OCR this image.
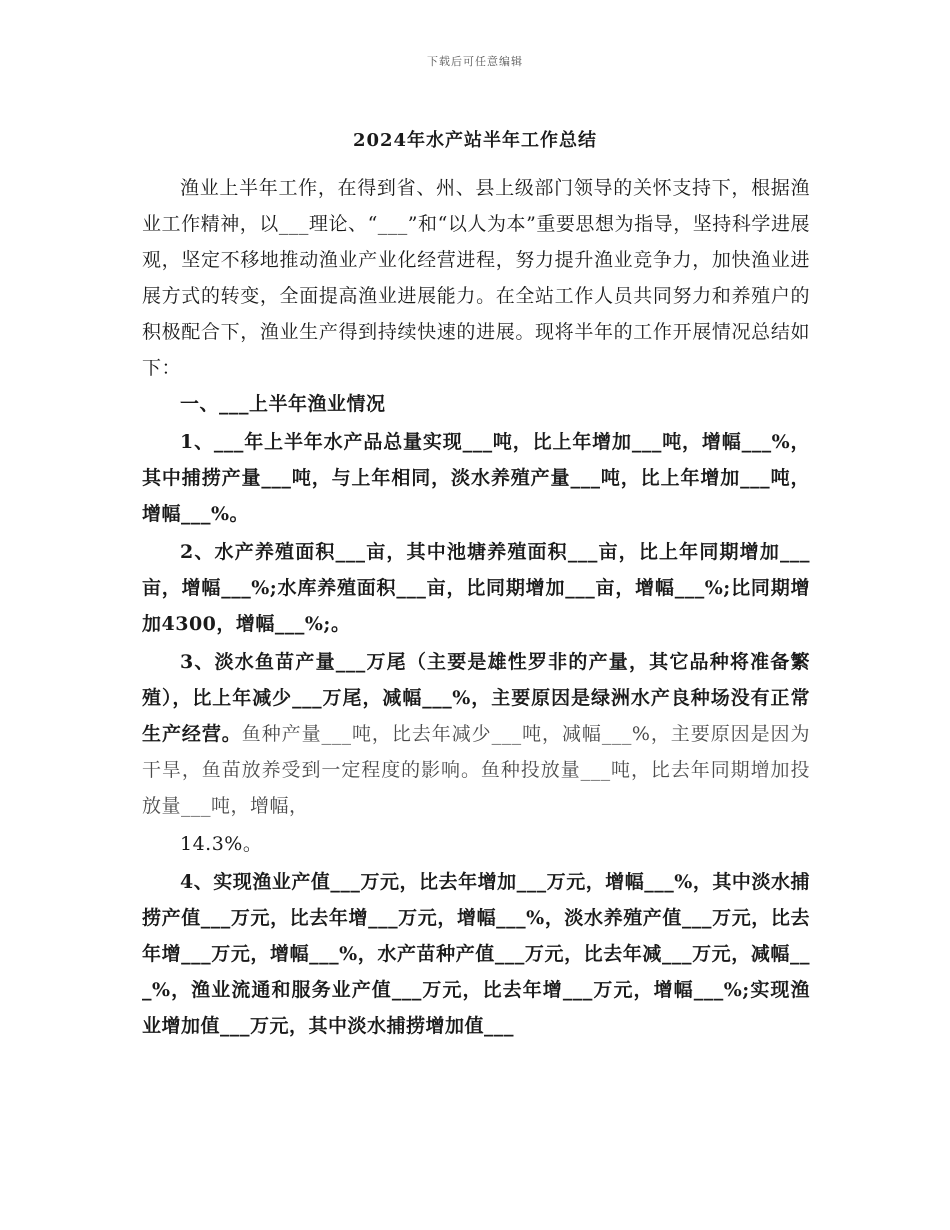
下载后可任意编辑
2024年水产站半年工作总结

渔业上半年工作，在得到省、州、县上级部门领导的关怀支持下，根据渔业工作精神，以___理论、“___”和“以人为本”重要思想为指导，坚持科学进展观，坚定不移地推动渔业产业化经营进程，努力提升渔业竞争力，加快渔业进展方式的转变，全面提高渔业进展能力。在全站工作人员共同努力和养殖户的积极配合下，渔业生产得到持续快速的进展。现将半年的工作开展情况总结如下：

一、___上半年渔业情况

1、___年上半年水产品总量实现___吨，比上年增加___吨，增幅___%，其中捕捞产量___吨，与上年相同，淡水养殖产量___吨，比上年增加___吨，增幅___%。

2、水产养殖面积___亩，其中池塘养殖面积___亩，比上年同期增加___亩，增幅___%;水库养殖面积___亩，比同期增加___亩，增幅___%;比同期增加4300，增幅___%;。

3、淡水鱼苗产量___万尾（主要是雄性罗非的产量，其它品种将准备繁殖），比上年减少___万尾，减幅___%，主要原因是绿洲水产良种场没有正常生产经营。鱼种产量___吨，比去年减少___吨，减幅___%，主要原因是因为干旱，鱼苗放养受到一定程度的影响。鱼种投放量___吨，比去年同期增加投放量___吨，增幅，

14.3%。

4、实现渔业产值___万元，比去年增加___万元，增幅___%，其中淡水捕捞产值___万元，比去年增___万元，增幅___%，淡水养殖产值___万元，比去年增___万元，增幅___%，水产苗种产值___万元，比去年减___万元，减幅___%，渔业流通和服务业产值___万元，比去年增___万元，增幅___%;实现渔业增加值___万元，其中淡水捕捞增加值___
